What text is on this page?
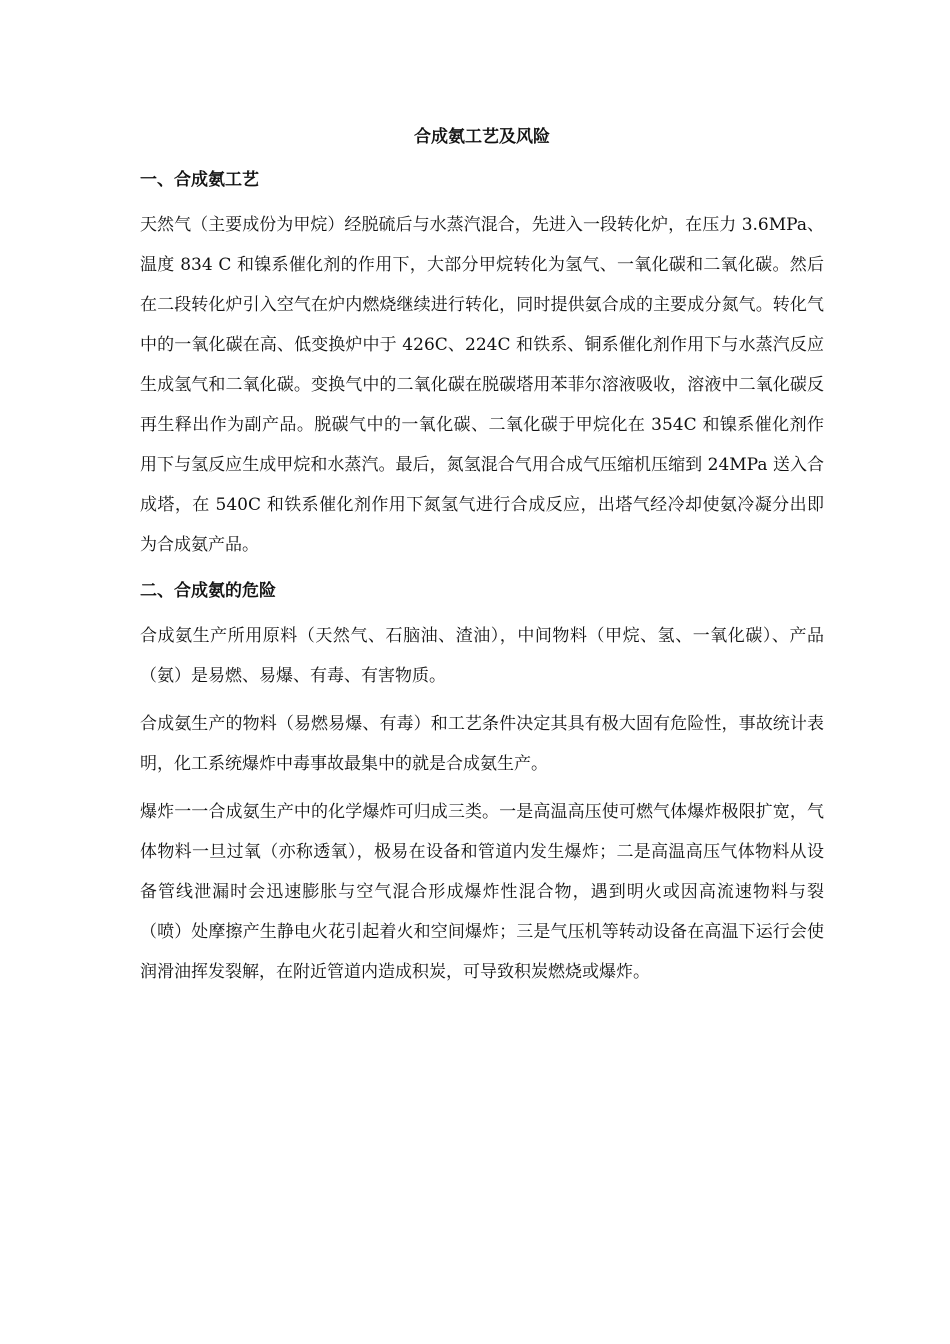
合成氨工艺及风险
一、合成氨工艺

天然气（主要成份为甲烷）经脱硫后与水蒸汽混合，先进入一段转化炉，在压力 3.6MPa、温度 834 C 和镍系催化剂的作用下，大部分甲烷转化为氢气、一氧化碳和二氧化碳。然后在二段转化炉引入空气在炉内燃烧继续进行转化，同时提供氨合成的主要成分氮气。转化气中的一氧化碳在高、低变换炉中于 426C、224C 和铁系、铜系催化剂作用下与水蒸汽反应生成氢气和二氧化碳。变换气中的二氧化碳在脱碳塔用苯菲尔溶液吸收，溶液中二氧化碳反再生释出作为副产品。脱碳气中的一氧化碳、二氧化碳于甲烷化在 354C 和镍系催化剂作用下与氢反应生成甲烷和水蒸汽。最后，氮氢混合气用合成气压缩机压缩到 24MPa 送入合成塔，在 540C 和铁系催化剂作用下氮氢气进行合成反应，出塔气经冷却使氨冷凝分出即为合成氨产品。

二、合成氨的危险

合成氨生产所用原料（天然气、石脑油、渣油），中间物料（甲烷、氢、一氧化碳）、产品（氨）是易燃、易爆、有毒、有害物质。

合成氨生产的物料（易燃易爆、有毒）和工艺条件决定其具有极大固有危险性，事故统计表明，化工系统爆炸中毒事故最集中的就是合成氨生产。

爆炸一一合成氨生产中的化学爆炸可归成三类。一是高温高压使可燃气体爆炸极限扩宽，气体物料一旦过氧（亦称透氧），极易在设备和管道内发生爆炸；二是高温高压气体物料从设备管线泄漏时会迅速膨胀与空气混合形成爆炸性混合物，遇到明火或因高流速物料与裂（喷）处摩擦产生静电火花引起着火和空间爆炸；三是气压机等转动设备在高温下运行会使润滑油挥发裂解，在附近管道内造成积炭，可导致积炭燃烧或爆炸。
